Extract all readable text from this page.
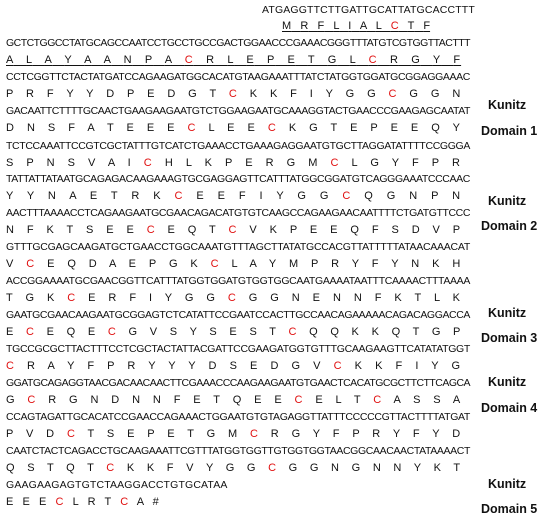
ATGAGGTTCTTGATTGCATTATGCACCTTT
GCTCTGGCCTATGCAGCCAATCCTGCCTGCCGACTGGAACCCGAAACGGGTTTATGTCGTGGTTACTTT
CCTCGGTTCTACTATGATCCAGAAGATGGCACATGTAAGAAATTTATCTATGGTGGATGCGGAGGAAAC
GACAATTCTTTTGCAACTGAAGAAGAATGTCTGGAAGAATGCAAAGGTACTGAACCCGAAGAGCAATAT
TCTCCAAATTCCGTCGCTATTTGTCATCTGAAACCTGAAAGAGGAATGTGCTTAGGATATTTTCCGGGA
TATTATTATAATGCAGAGACAAGAAAGTGCGAGGAGTTCATTTATGGCGGATGTCAGGGAAATCCCAAC
AACTTTAAAACCTCAGAAGAATGCGAACAGACATGTGTCAAGCCAGAAGAACAATTTTCTGATGTTCCC
GTTTGCGAGCAAGATGCTGAACCTGGCAAATGTTTAGCTTATATGCCACGTTATTTTTATAACAAACAT
ACCGGAAAATGCGAACGGTTCATTTATGGTGGATGTGGTGGCAATGAAAATAATTTCAAAACTTTAAAA
GAATGCGAACAAGAATGCGGAGTCTCATATTCCGAATCCACTTGCCAACAGAAAAACAGACAGGACCA
TGCCGCGCTTACTTTCCTCGCTACTATTACGATTCCGAAGATGGTGTTTGCAAGAAGTTCATATATGGT
GGATGCAGAGGTAACGACAACAACTTCGAAACCCAAGAAGAATGTGAACTCACATGCGCTTCTTCAGCA
CCAGTAGATTGCACATCCGAACCAGAAACTGGAATGTGTAGAGGTTATTTCCCCCGTTACTTTTATGAT
CAATCTACTCAGACCTGCAAGAAATTCGTTTATGGTGGTTGTGGTGGTAACGGCAACAACTATAAAACT
GAAGAAGAGTGTCTAAGGACCTGTGCATAA
M R F L I A L C T F
A L A Y A A N P A C R L E P E T G L C R G Y F
P R F Y Y D P E D G T C K K F I Y G G C G G N
D N S F A T E E E C L E E C K G T E P E E Q Y
S P N S V A I C H L K P E R G M C L G Y F P R
Y Y N A E T R K C E E F I Y G G C Q G N P N
N F K T S E E C E Q T C V K P E E Q F S D V P
V C E Q D A E P G K C L A Y M P R Y F Y N K H
T G K C E R F I Y G G C G G N E N N F K T L K
E C E Q E C G V S Y S E S T C Q Q K K Q T G P
C R A Y F P R Y Y Y D S E D G V C K K F I Y G
G C R G N D N N F E T Q E E C E L T C A S S A
P V D C T S E P E T G M C R G Y F P R Y F Y D
Q S T Q T C K K F V Y G G C G G N G N N Y K T
E E E C L R T C A #
Kunitz
Domain 1
Kunitz
Domain 2
Kunitz
Domain 3
Kunitz
Domain 4
Kunitz
Domain 5
